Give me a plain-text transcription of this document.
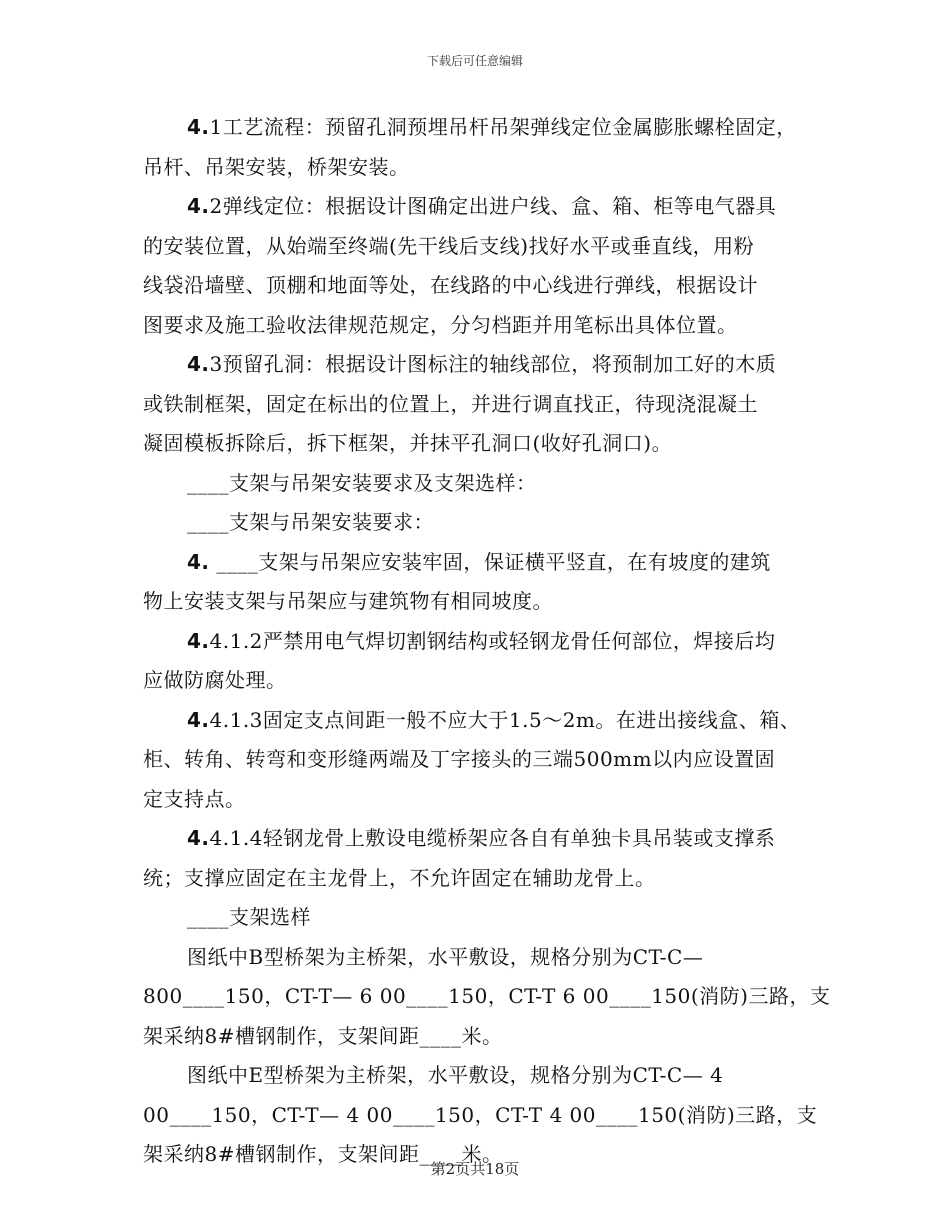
下载后可任意编辑
4.1工艺流程：预留孔洞预埋吊杆吊架弹线定位金属膨胀螺栓固定，
吊杆、吊架安装，桥架安装。
4.2弹线定位：根据设计图确定出进户线、盒、箱、柜等电气器具
的安装位置，从始端至终端(先干线后支线)找好水平或垂直线，用粉
线袋沿墙壁、顶棚和地面等处，在线路的中心线进行弹线，根据设计
图要求及施工验收法律规范规定，分匀档距并用笔标出具体位置。
4.3预留孔洞：根据设计图标注的轴线部位，将预制加工好的木质
或铁制框架，固定在标出的位置上，并进行调直找正，待现浇混凝土
凝固模板拆除后，拆下框架，并抹平孔洞口(收好孔洞口)。
____支架与吊架安装要求及支架选样：
____支架与吊架安装要求：
4. ____支架与吊架应安装牢固，保证横平竖直，在有坡度的建筑
物上安装支架与吊架应与建筑物有相同坡度。
4.4.1.2严禁用电气焊切割钢结构或轻钢龙骨任何部位，焊接后均
应做防腐处理。
4.4.1.3固定支点间距一般不应大于1.5～2m。在进出接线盒、箱、
柜、转角、转弯和变形缝两端及丁字接头的三端500mm以内应设置固
定支持点。
4.4.1.4轻钢龙骨上敷设电缆桥架应各自有单独卡具吊装或支撑系
统；支撑应固定在主龙骨上，不允许固定在辅助龙骨上。
____支架选样
图纸中B型桥架为主桥架，水平敷设，规格分别为CT-C—
800____150，CT-T— 6 00____150，CT-T 6 00____150(消防)三路，支
架采纳8#槽钢制作，支架间距____米。
图纸中E型桥架为主桥架，水平敷设，规格分别为CT-C— 4
00____150，CT-T— 4 00____150，CT-T 4 00____150(消防)三路，支
架采纳8#槽钢制作，支架间距____米。
第2页共18页
